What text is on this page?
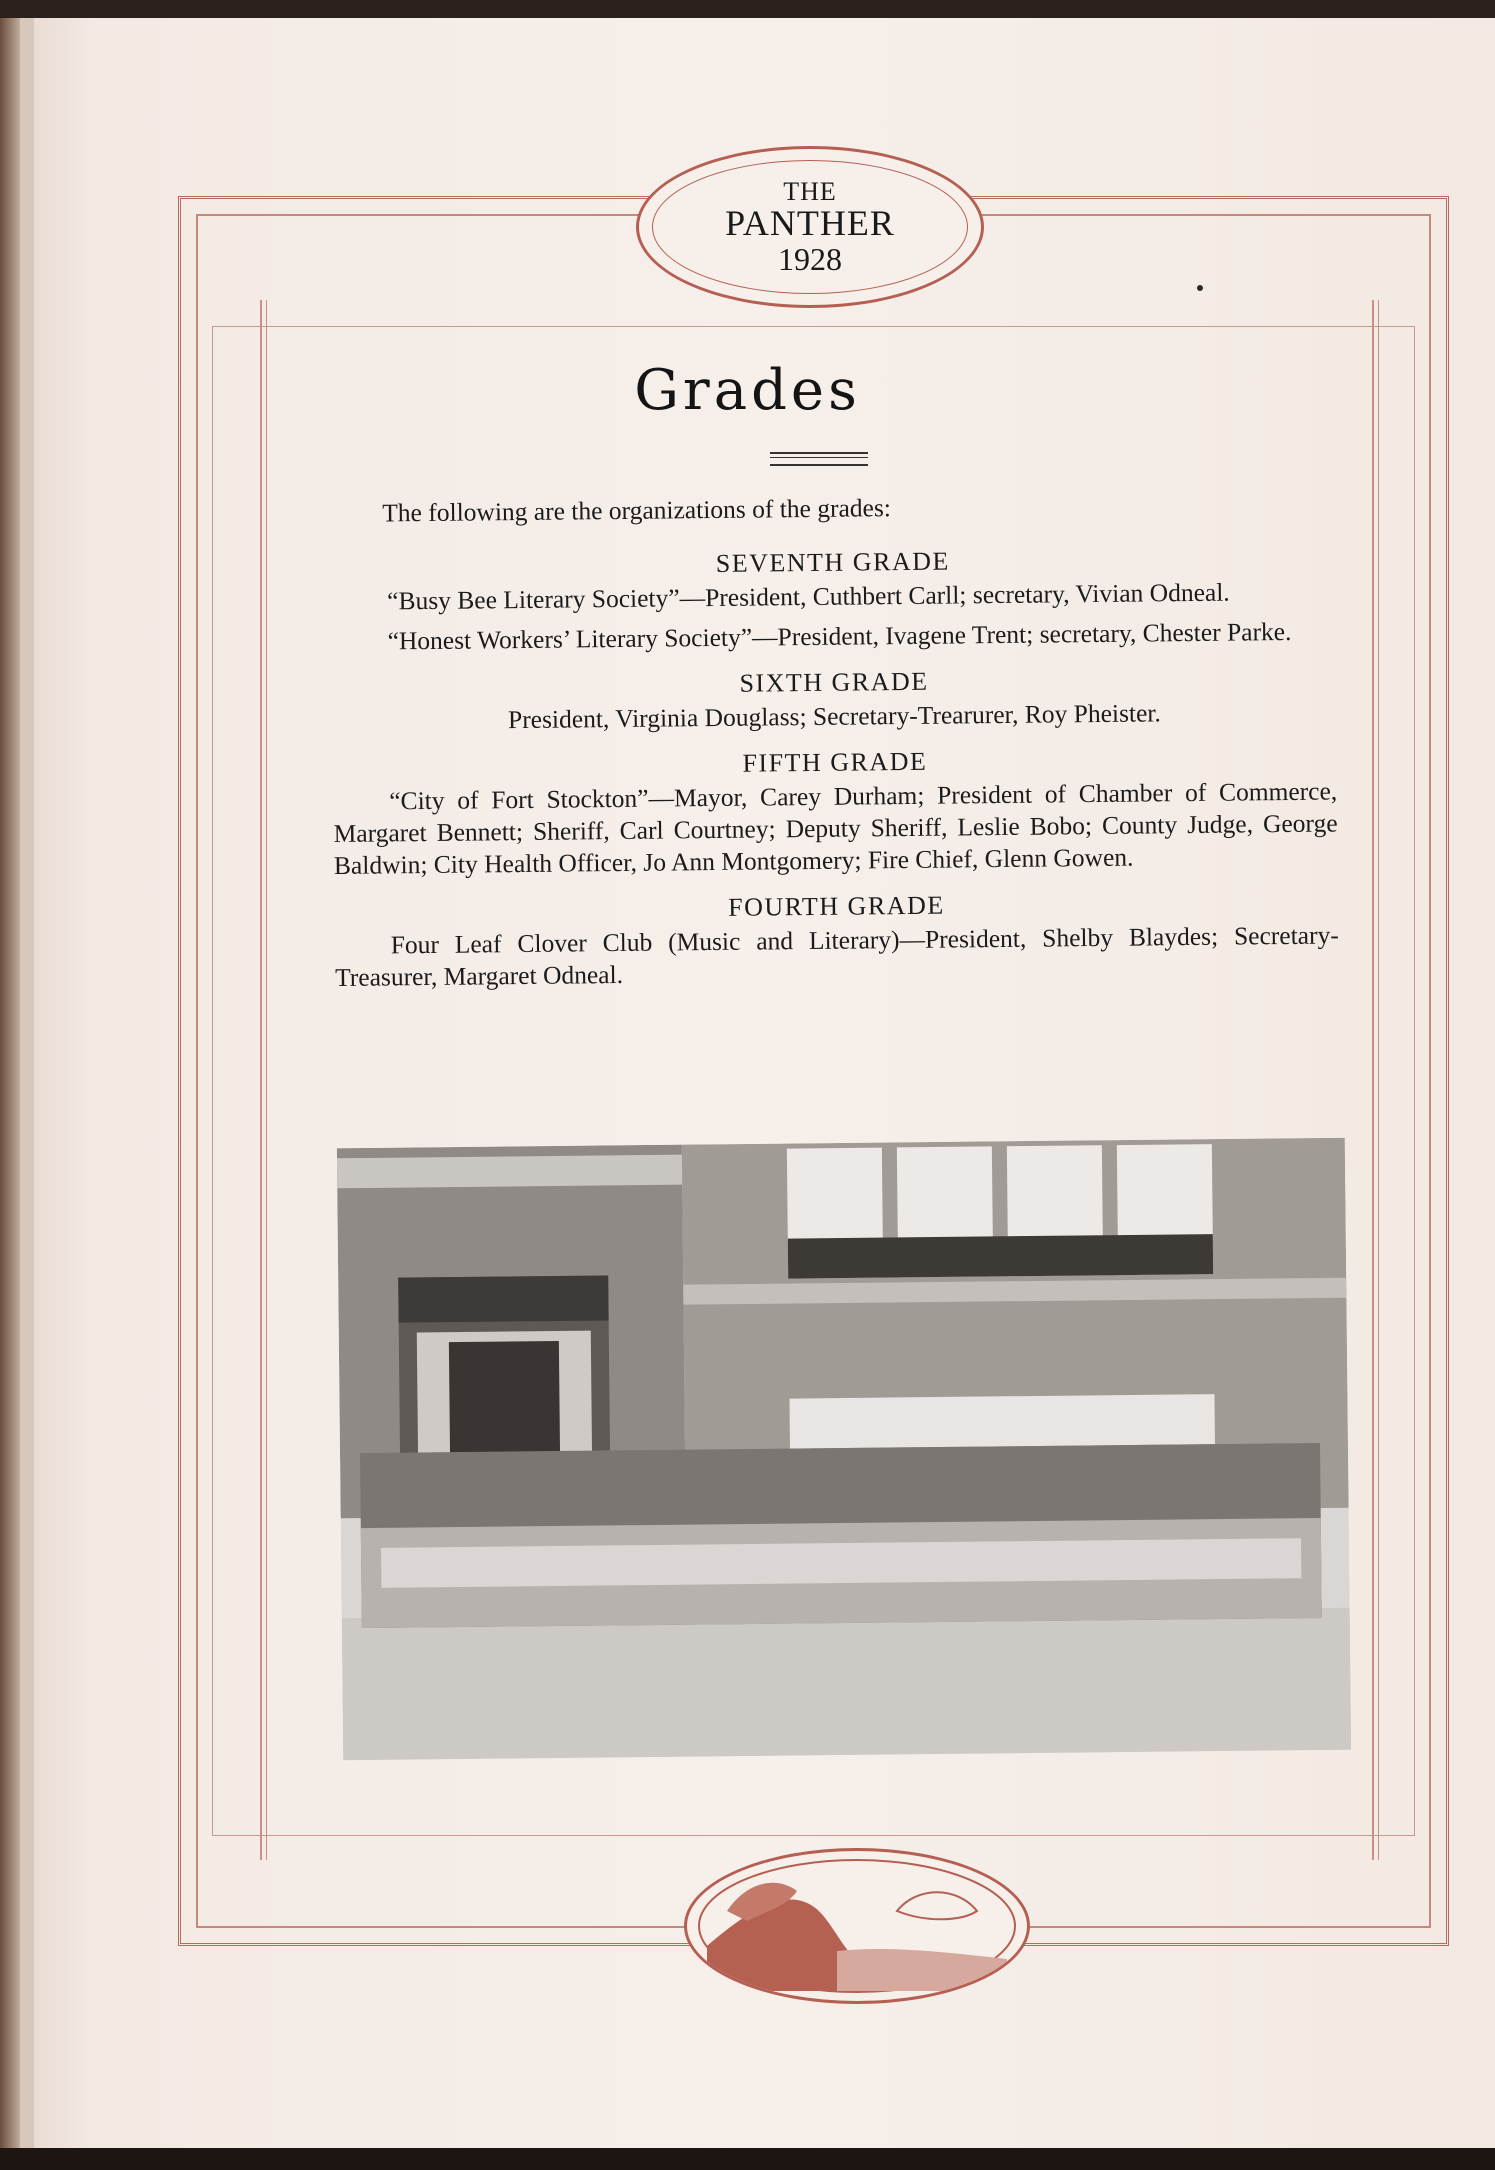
THE
PANTHER
1928
Grades
The following are the organizations of the grades:
SEVENTH GRADE

“Busy Bee Literary Society”—President, Cuthbert Carll; secretary, Vivian Odneal.

“Honest Workers’ Literary Society”—President, Ivagene Trent; secretary, Chester Parke.

SIXTH GRADE

President, Virginia Douglass; Secretary-Trearurer, Roy Pheister.

FIFTH GRADE

“City of Fort Stockton”—Mayor, Carey Durham; President of Chamber of Commerce, Margaret Bennett; Sheriff, Carl Courtney; Deputy Sheriff, Leslie Bobo; County Judge, George Baldwin; City Health Officer, Jo Ann Montgomery; Fire Chief, Glenn Gowen.

FOURTH GRADE

Four Leaf Clover Club (Music and Literary)—President, Shelby Blaydes; Secretary-Treasurer, Margaret Odneal.
